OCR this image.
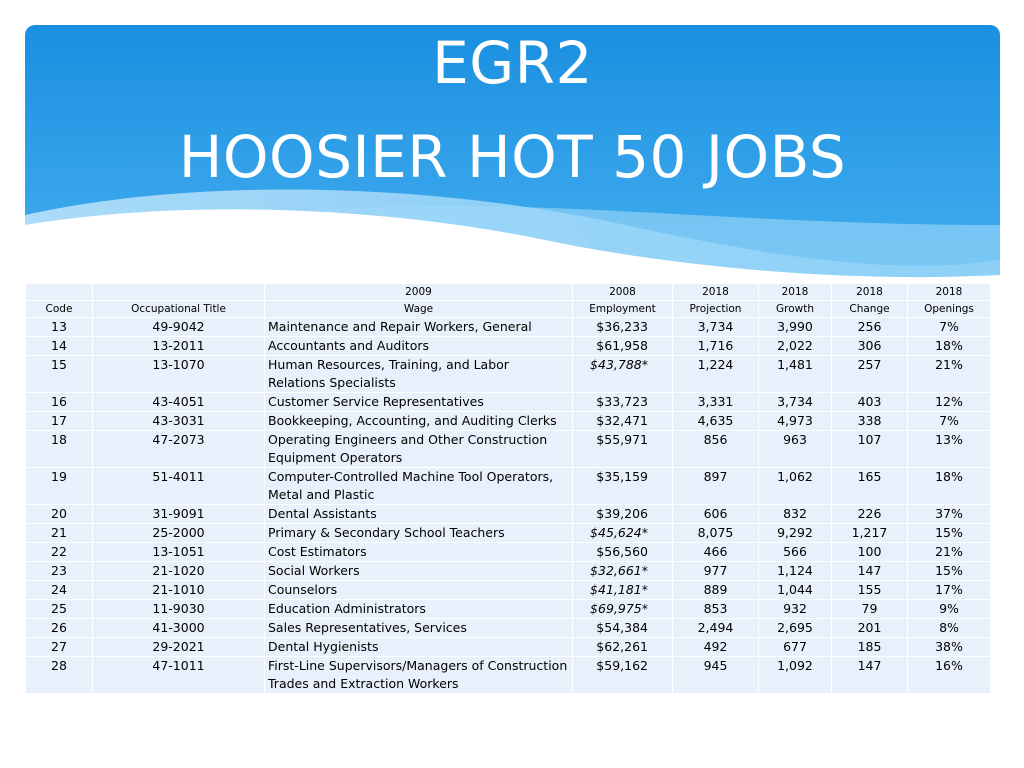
EGR2
HOOSIER HOT 50 JOBS
		2009	2008	2018	2018	2018	2018
Code	Occupational Title	Wage	Employment	Projection	Growth	Change	Openings
13	49-9042	Maintenance and Repair Workers, General	$36,233	3,734	3,990	256	7%
14	13-2011	Accountants and Auditors	$61,958	1,716	2,022	306	18%
15	13-1070	Human Resources, Training, and Labor Relations Specialists	$43,788*	1,224	1,481	257	21%
16	43-4051	Customer Service Representatives	$33,723	3,331	3,734	403	12%
17	43-3031	Bookkeeping, Accounting, and Auditing Clerks	$32,471	4,635	4,973	338	7%
18	47-2073	Operating Engineers and Other Construction Equipment Operators	$55,971	856	963	107	13%
19	51-4011	Computer-Controlled Machine Tool Operators, Metal and Plastic	$35,159	897	1,062	165	18%
20	31-9091	Dental Assistants	$39,206	606	832	226	37%
21	25-2000	Primary & Secondary School Teachers	$45,624*	8,075	9,292	1,217	15%
22	13-1051	Cost Estimators	$56,560	466	566	100	21%
23	21-1020	Social Workers	$32,661*	977	1,124	147	15%
24	21-1010	Counselors	$41,181*	889	1,044	155	17%
25	11-9030	Education Administrators	$69,975*	853	932	79	9%
26	41-3000	Sales Representatives, Services	$54,384	2,494	2,695	201	8%
27	29-2021	Dental Hygienists	$62,261	492	677	185	38%
28	47-1011	First-Line Supervisors/Managers of Construction Trades and Extraction Workers	$59,162	945	1,092	147	16%
